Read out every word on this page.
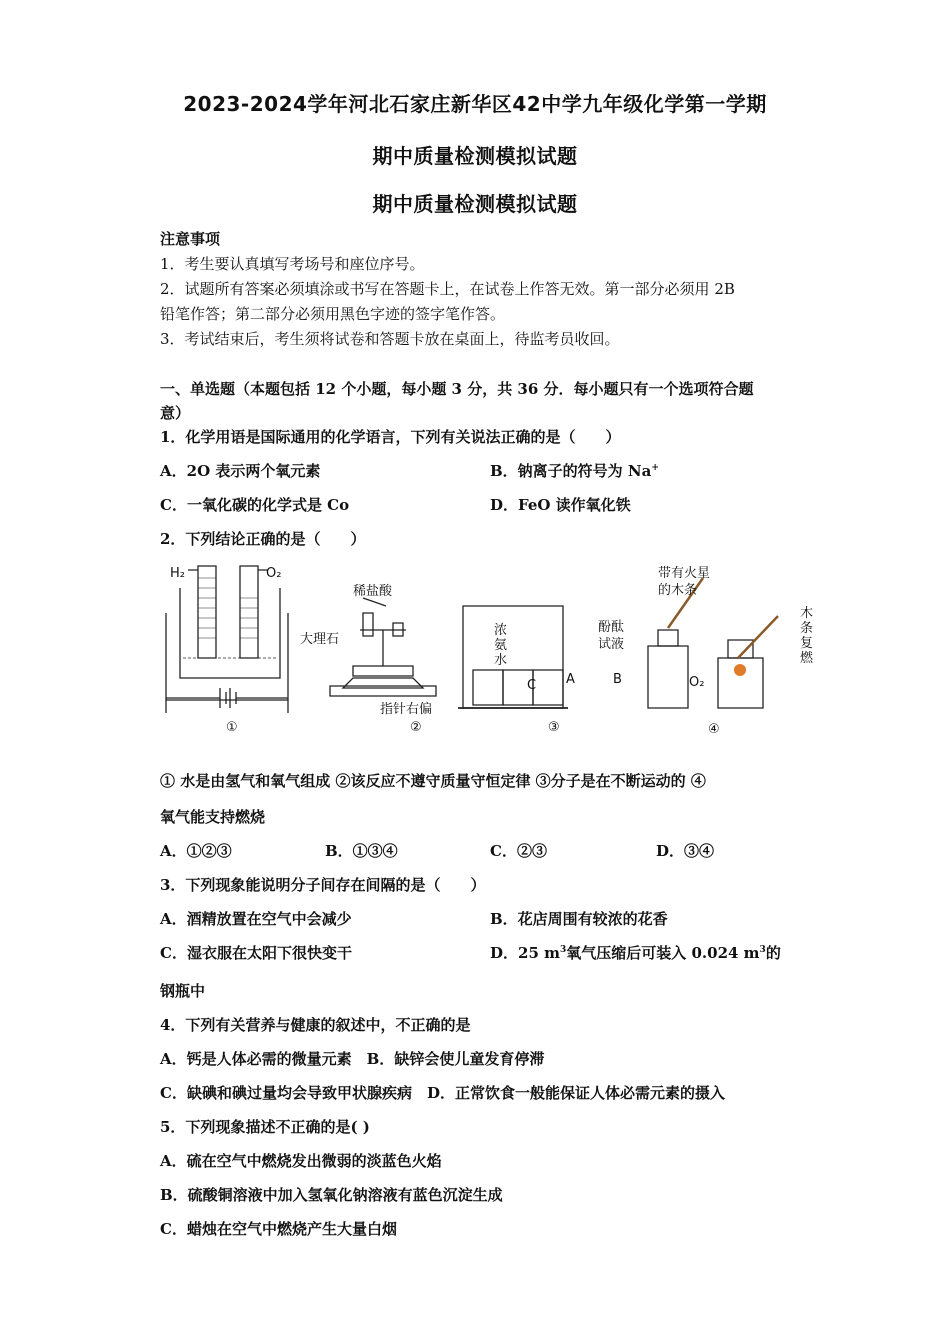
2023-2024学年河北石家庄新华区42中学九年级化学第一学期
期中质量检测模拟试题
期中质量检测模拟试题
注意事项
1．考生要认真填写考场号和座位序号。
2．试题所有答案必须填涂或书写在答题卡上，在试卷上作答无效。第一部分必须用 2B
铅笔作答；第二部分必须用黑色字迹的签字笔作答。
3．考试结束后，考生须将试卷和答题卡放在桌面上，待监考员收回。
一、单选题（本题包括 12 个小题，每小题 3 分，共 36 分．每小题只有一个选项符合题
意）
1．化学用语是国际通用的化学语言，下列有关说法正确的是（　　）
A．2O 表示两个氧元素	B．钠离子的符号为 Na+
C．一氧化碳的化学式是 Co	D．FeO 读作氧化铁
2．下列结论正确的是（　　）
H₂	O₂
稀盐酸
大理石
指针右偏
浓氨水
酚酞
试液
带有火星
的木条
木条复燃
O₂
C A	B
①	②	③	④
① 水是由氢气和氧气组成 ②该反应不遵守质量守恒定律 ③分子是在不断运动的 ④
氧气能支持燃烧
A．①②③	B．①③④	C．②③	D．③④
3．下列现象能说明分子间存在间隔的是（　　）
A．酒精放置在空气中会减少	B．花店周围有较浓的花香
C．湿衣服在太阳下很快变干	D．25 $m^3$氧气压缩后可装入 0.024 $m^3$的
钢瓶中
4．下列有关营养与健康的叙述中，不正确的是
A．钙是人体必需的微量元素　B．缺锌会使儿童发育停滞
C．缺碘和碘过量均会导致甲状腺疾病　D．正常饮食一般能保证人体必需元素的摄入
5．下列现象描述不正确的是( )
A．硫在空气中燃烧发出微弱的淡蓝色火焰
B．硫酸铜溶液中加入氢氧化钠溶液有蓝色沉淀生成
C．蜡烛在空气中燃烧产生大量白烟
